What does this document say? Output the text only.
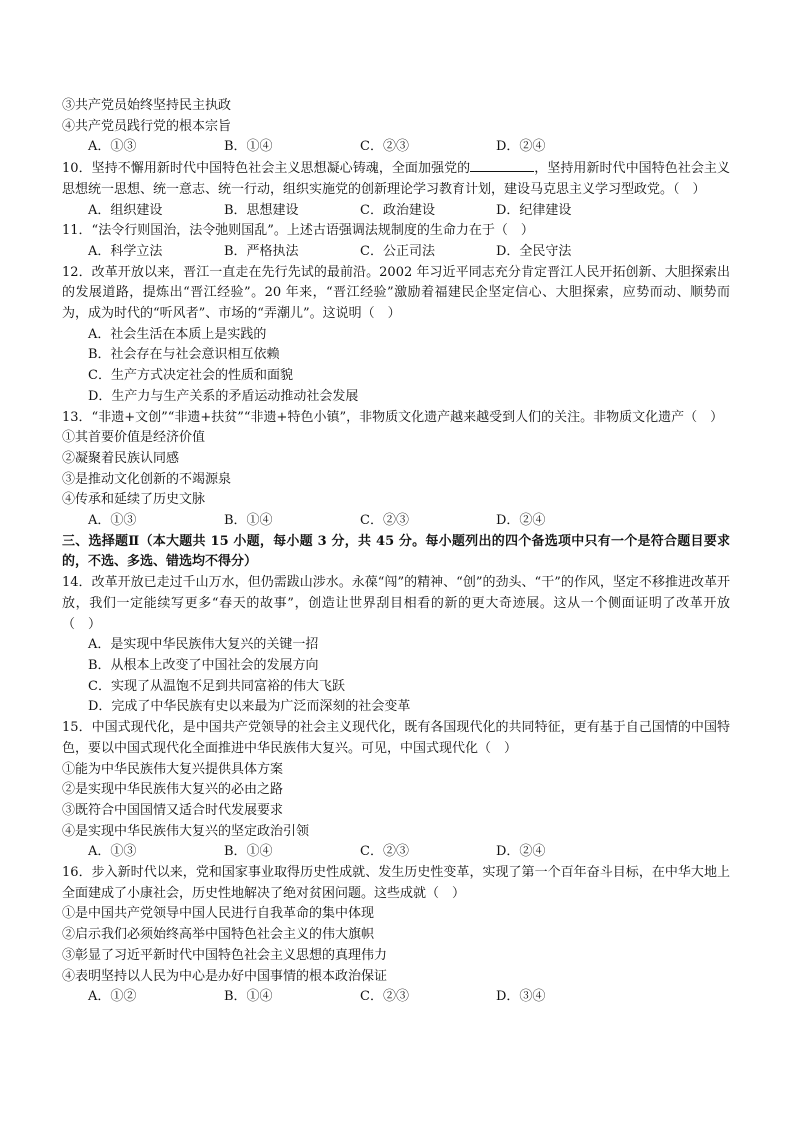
③共产党员始终坚持民主执政
④共产党员践行党的根本宗旨
A．①③	B．①④	C．②③	D．②④
10．坚持不懈用新时代中国特色社会主义思想凝心铸魂，全面加强党的	，坚持用新时代中国特色社会主义思想统一思想、统一意志、统一行动，组织实施党的创新理论学习教育计划，建设马克思主义学习型政党。（　）
A．组织建设	B．思想建设	C．政治建设	D．纪律建设
11．“法令行则国治，法令弛则国乱”。上述古语强调法规制度的生命力在于（　）
A．科学立法	B．严格执法	C．公正司法	D．全民守法
12．改革开放以来，晋江一直走在先行先试的最前沿。2002 年习近平同志充分肯定晋江人民开拓创新、大胆探索出的发展道路，提炼出“晋江经验”。20 年来，“晋江经验”激励着福建民企坚定信心、大胆探索，应势而动、顺势而为，成为时代的“听风者”、市场的“弄潮儿”。这说明（　）
A．社会生活在本质上是实践的
B．社会存在与社会意识相互依赖
C．生产方式决定社会的性质和面貌
D．生产力与生产关系的矛盾运动推动社会发展
13．“非遗+文创”“非遗+扶贫”“非遗+特色小镇”，非物质文化遗产越来越受到人们的关注。非物质文化遗产（　）
①其首要价值是经济价值
②凝聚着民族认同感
③是推动文化创新的不竭源泉
④传承和延续了历史文脉
A．①③	B．①④	C．②③	D．②④
三、选择题Ⅱ（本大题共 15 小题，每小题 3 分，共 45 分。每小题列出的四个备选项中只有一个是符合题目要求的，不选、多选、错选均不得分）
14．改革开放已走过千山万水，但仍需跋山涉水。永葆“闯”的精神、“创”的劲头、“干”的作风，坚定不移推进改革开放，我们一定能续写更多“春天的故事”，创造让世界刮目相看的新的更大奇迹展。这从一个侧面证明了改革开放（　）
A．是实现中华民族伟大复兴的关键一招
B．从根本上改变了中国社会的发展方向
C．实现了从温饱不足到共同富裕的伟大飞跃
D．完成了中华民族有史以来最为广泛而深刻的社会变革
15．中国式现代化，是中国共产党领导的社会主义现代化，既有各国现代化的共同特征，更有基于自己国情的中国特色，要以中国式现代化全面推进中华民族伟大复兴。可见，中国式现代化（　）
①能为中华民族伟大复兴提供具体方案
②是实现中华民族伟大复兴的必由之路
③既符合中国国情又适合时代发展要求
④是实现中华民族伟大复兴的坚定政治引领
A．①③	B．①④	C．②③	D．②④
16．步入新时代以来，党和国家事业取得历史性成就、发生历史性变革，实现了第一个百年奋斗目标，在中华大地上全面建成了小康社会，历史性地解决了绝对贫困问题。这些成就（　）
①是中国共产党领导中国人民进行自我革命的集中体现
②启示我们必须始终高举中国特色社会主义的伟大旗帜
③彰显了习近平新时代中国特色社会主义思想的真理伟力
④表明坚持以人民为中心是办好中国事情的根本政治保证
A．①②	B．①④	C．②③	D．③④
